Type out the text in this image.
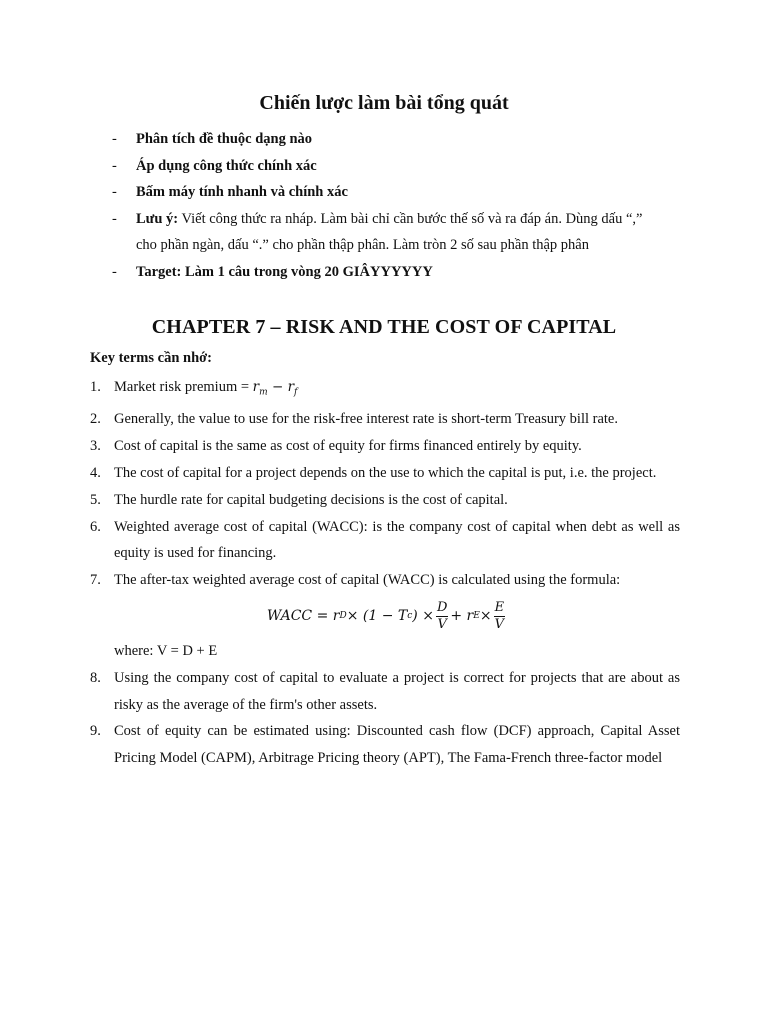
Chiến lược làm bài tổng quát
- Phân tích đề thuộc dạng nào
- Áp dụng công thức chính xác
- Bấm máy tính nhanh và chính xác
- Lưu ý: Viết công thức ra nháp. Làm bài chỉ cần bước thế số và ra đáp án. Dùng dấu “,”
cho phần ngàn, dấu “.” cho phần thập phân. Làm tròn 2 số sau phần thập phân
- Target: Làm 1 câu trong vòng 20 GIÂYYYYYY
CHAPTER 7 – RISK AND THE COST OF CAPITAL
Key terms cần nhớ:
1. Market risk premium = $r_m - r_f$
2. Generally, the value to use for the risk-free interest rate is short-term Treasury bill rate.
3. Cost of capital is the same as cost of equity for firms financed entirely by equity.
4. The cost of capital for a project depends on the use to which the capital is put, i.e. the project.
5. The hurdle rate for capital budgeting decisions is the cost of capital.
6. Weighted average cost of capital (WACC): is the company cost of capital when debt as well as equity is used for financing.
7. The after-tax weighted average cost of capital (WACC) is calculated using the formula:
WACC = r D × (1 − T c ) × $\frac{D}{V} + r$ $E \times \frac{E}{V}$
where: V = D + E
8. Using the company cost of capital to evaluate a project is correct for projects that are about as risky as the average of the firm's other assets.
9. Cost of equity can be estimated using: Discounted cash flow (DCF) approach, Capital Asset Pricing Model (CAPM), Arbitrage Pricing theory (APT), The Fama-French three-factor model
